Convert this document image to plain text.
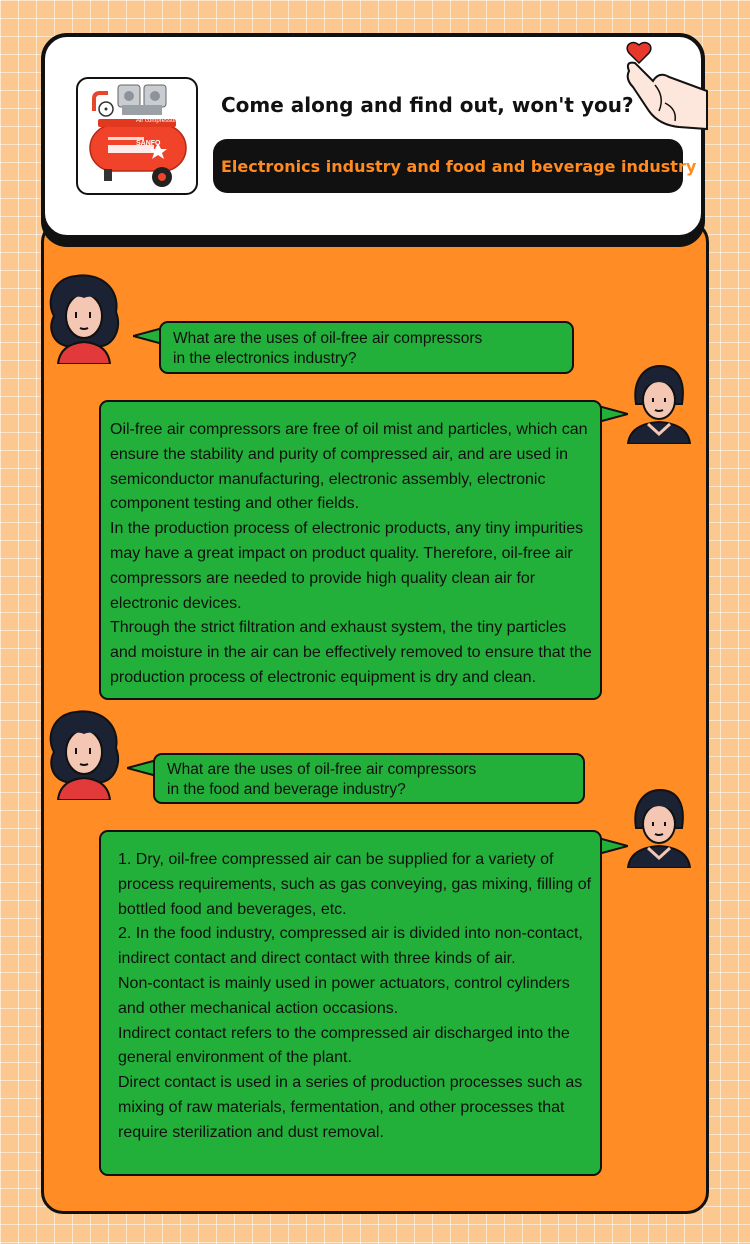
Come along and find out, won't you?
Electronics industry and food and beverage industry

What are the uses of oil-free air compressors

in the electronics industry?

Oil-free air compressors are free of oil mist and particles, which can ensure the stability and purity of compressed air, and are used in semiconductor manufacturing, electronic assembly, electronic component testing and other fields.

In the production process of electronic products, any tiny impurities may have a great impact on product quality. Therefore, oil-free air compressors are needed to provide high quality clean air for electronic devices.

Through the strict filtration and exhaust system, the tiny particles and moisture in the air can be effectively removed to ensure that the production process of electronic equipment is dry and clean.

What are the uses of oil-free air compressors

in the food and beverage industry?

1. Dry, oil-free compressed air can be supplied for a variety of process requirements, such as gas conveying, gas mixing, filling of bottled food and beverages, etc.

2. In the food industry, compressed air is divided into non-contact, indirect contact and direct contact with three kinds of air.

Non-contact is mainly used in power actuators, control cylinders and other mechanical action occasions.

Indirect contact refers to the compressed air discharged into the general environment of the plant.

Direct contact is used in a series of production processes such as mixing of raw materials, fermentation, and other processes that require sterilization and dust removal.

Air compressor
SANFO
